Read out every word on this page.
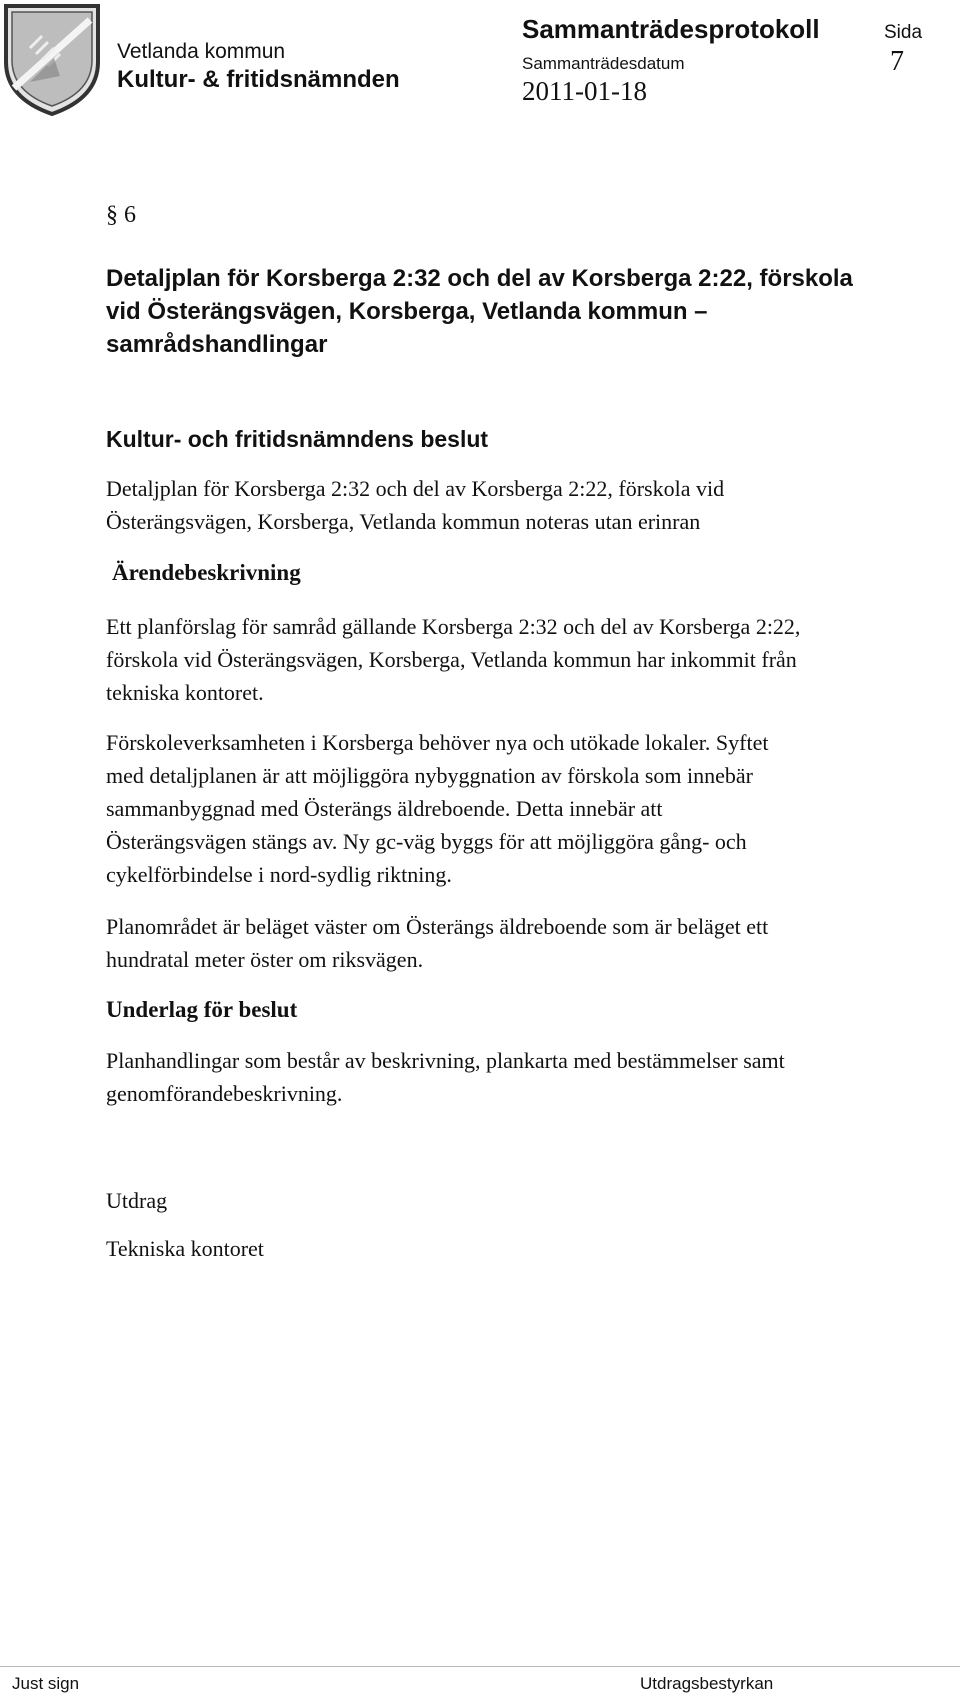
Vetlanda kommun
Kultur- & fritidsnämnden
Sammanträdesprotokoll
Sammanträdesdatum
2011-01-18
Sida
7
§ 6
Detaljplan för Korsberga 2:32 och del av Korsberga 2:22, förskola
vid Österängsvägen, Korsberga, Vetlanda kommun –
samrådshandlingar
Kultur- och fritidsnämndens beslut
Detaljplan för Korsberga 2:32 och del av Korsberga 2:22, förskola vid
Österängsvägen, Korsberga, Vetlanda kommun noteras utan erinran
Ärendebeskrivning
Ett planförslag för samråd gällande Korsberga 2:32 och del av Korsberga 2:22,
förskola vid Österängsvägen, Korsberga, Vetlanda kommun har inkommit från
tekniska kontoret.
Förskoleverksamheten i Korsberga behöver nya och utökade lokaler. Syftet
med detaljplanen är att möjliggöra nybyggnation av förskola som innebär
sammanbyggnad med Österängs äldreboende. Detta innebär att
Österängsvägen stängs av. Ny gc-väg byggs för att möjliggöra gång- och
cykelförbindelse i nord-sydlig riktning.
Planområdet är beläget väster om Österängs äldreboende som är beläget ett
hundratal meter öster om riksvägen.
Underlag för beslut
Planhandlingar som består av beskrivning, plankarta med bestämmelser samt
genomförandebeskrivning.
Utdrag
Tekniska kontoret
Just sign	Utdragsbestyrkan
